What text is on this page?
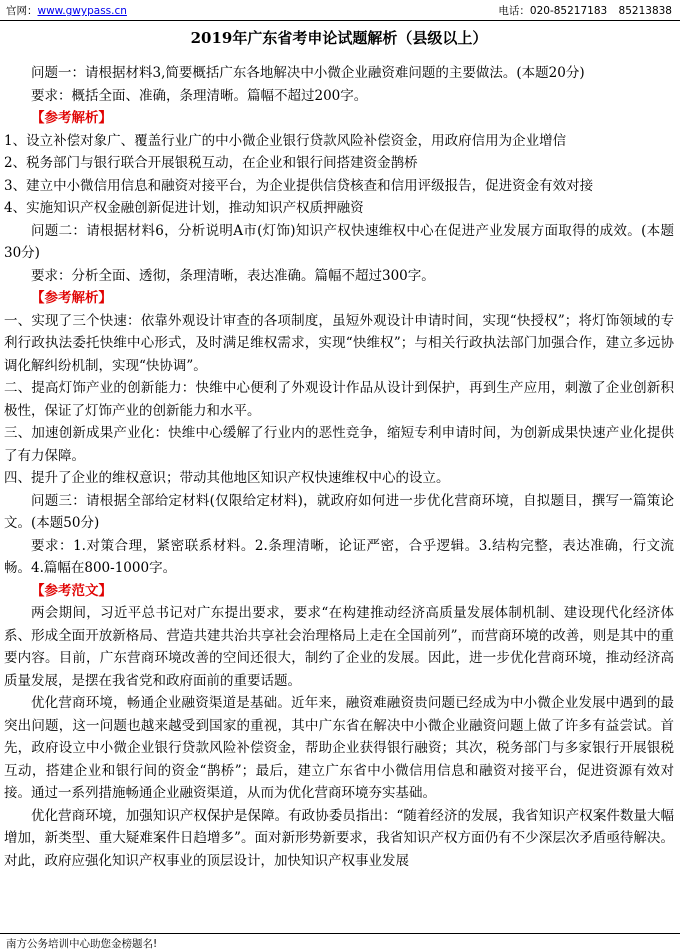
官网：www.gwypass.cn	电话：020-85217183 85213838
2019年广东省考申论试题解析（县级以上）

问题一：请根据材料3,简要概括广东各地解决中小微企业融资难问题的主要做法。(本题20分)

要求：概括全面、准确，条理清晰。篇幅不超过200字。

【参考解析】

1、设立补偿对象广、覆盖行业广的中小微企业银行贷款风险补偿资金，用政府信用为企业增信

2、税务部门与银行联合开展银税互动，在企业和银行间搭建资金鹊桥

3、建立中小微信用信息和融资对接平台，为企业提供信贷核查和信用评级报告，促进资金有效对接

4、实施知识产权金融创新促进计划，推动知识产权质押融资

问题二：请根据材料6，分析说明A市(灯饰)知识产权快速维权中心在促进产业发展方面取得的成效。(本题30分)

要求：分析全面、透彻，条理清晰，表达准确。篇幅不超过300字。

【参考解析】

一、实现了三个快速：依靠外观设计审查的各项制度，虽短外观设计申请时间，实现“快授权”；将灯饰领域的专利行政执法委托快维中心形式，及时满足维权需求，实现“快维权”；与相关行政执法部门加强合作，建立多远协调化解纠纷机制，实现“快协调”。

二、提高灯饰产业的创新能力：快维中心便利了外观设计作品从设计到保护，再到生产应用，刺激了企业创新积极性，保证了灯饰产业的创新能力和水平。

三、加速创新成果产业化：快维中心缓解了行业内的恶性竞争，缩短专利申请时间，为创新成果快速产业化提供了有力保障。

四、提升了企业的维权意识；带动其他地区知识产权快速维权中心的设立。

问题三：请根据全部给定材料(仅限给定材料)，就政府如何进一步优化营商环境，自拟题目，撰写一篇策论文。(本题50分)

要求：1.对策合理，紧密联系材料。2.条理清晰，论证严密，合乎逻辑。3.结构完整，表达准确，行文流畅。4.篇幅在800-1000字。

【参考范文】

两会期间，习近平总书记对广东提出要求，要求“在构建推动经济高质量发展体制机制、建设现代化经济体系、形成全面开放新格局、营造共建共治共享社会治理格局上走在全国前列”，而营商环境的改善，则是其中的重要内容。目前，广东营商环境改善的空间还很大，制约了企业的发展。因此，进一步优化营商环境，推动经济高质量发展，是摆在我省党和政府面前的重要话题。

优化营商环境，畅通企业融资渠道是基础。近年来，融资难融资贵问题已经成为中小微企业发展中遇到的最突出问题，这一问题也越来越受到国家的重视，其中广东省在解决中小微企业融资问题上做了许多有益尝试。首先，政府设立中小微企业银行贷款风险补偿资金，帮助企业获得银行融资；其次，税务部门与多家银行开展银税互动，搭建企业和银行间的资金“鹊桥”；最后，建立广东省中小微信用信息和融资对接平台，促进资源有效对接。通过一系列措施畅通企业融资渠道，从而为优化营商环境夯实基础。

优化营商环境，加强知识产权保护是保障。有政协委员指出：“随着经济的发展，我省知识产权案件数量大幅增加，新类型、重大疑难案件日趋增多”。面对新形势新要求，我省知识产权方面仍有不少深层次矛盾亟待解决。对此，政府应强化知识产权事业的顶层设计，加快知识产权事业发展

南方公务培训中心助您金榜题名!
